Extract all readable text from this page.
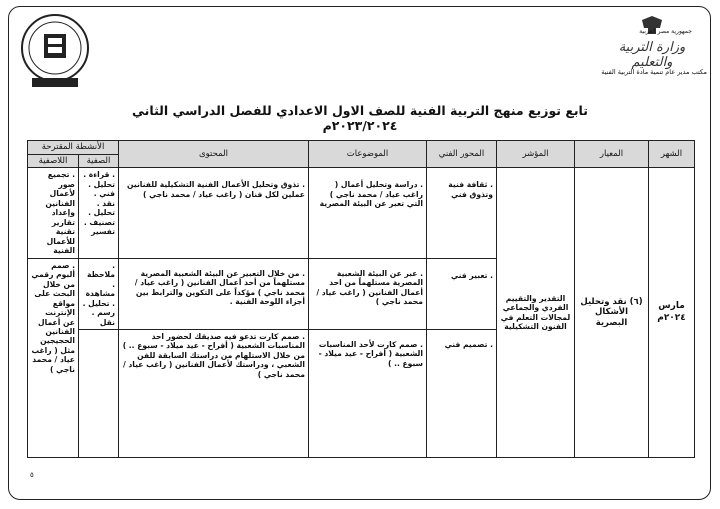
جمهورية مصر العربية
وزارة التربية والتعليم
مكتب مدير عام تنمية مادة التربية الفنية
تابع توزيع منهج التربية الفنية للصف الاول الاعدادي للفصل الدراسي الثاني ٢٠٢٣/٢٠٢٤م
الشهر	المعيار	المؤشر	المحور الفني	الموضوعات	المحتوى	الأنشطة المقترحة	
						الصفية	اللاصفية
مارس ٢٠٢٤م	(٦) نقد وتحليل الأشكال البصرية	التقدير والتقييم الفردي والجماعي لمجالات التعلم في الفنون التشكيلية	. ثقافة فنية وتذوق فني	. دراسة وتحليل أعمال ( راغب عياد / محمد ناجي ) التي تعبر عن البيئة المصرية	. تذوق وتحليل الأعمال الفنية التشكيلية للفنانين عملين لكل فنان ( راغب عياد / محمد ناجي )	. قراءة . تحليل . فني . نقد . تحليل . تصنيف . تفسير	. تجميع صور لأعمال الفنانين وإعداد تقارير تقنية للأعمال الفنية
			. تعبير فني	. عبر عن البيئة الشعبية المصرية مستلهماً من احد أعمال الفنانين ( راغب عياد / محمد ناجي )	. من خلال التعبير عن البيئة الشعبية المصرية مستلهماً من أحد أعمال الفنانين ( راغب عياد / محمد ناجي ) مؤكداً على التكوين والترابط بين أجزاء اللوحة الفنية .	. ملاحظة . مشاهدة . تحليل . رسم . نقل	. صمم ألبوم رقمي من خلال البحث على مواقع الإنترنت عن أعمال الفنانين الحجيجين مثل ( راغب عياد / محمد ناجي )
			. تصميم فني	. صمم كارت لأحد المناسبات الشعبية ( أفراح - عيد ميلاد - سبوع .. )	. صمم كارت تدعو فيه صديقك لحضور احد المناسبات الشعبية ( أفراح - عيد ميلاد - سبوع .. ) من خلال الاستلهام من دراستك السابقة للفن الشعبي ، ودراستك لأعمال الفنانين ( راغب عياد / محمد ناجي )		
٥
